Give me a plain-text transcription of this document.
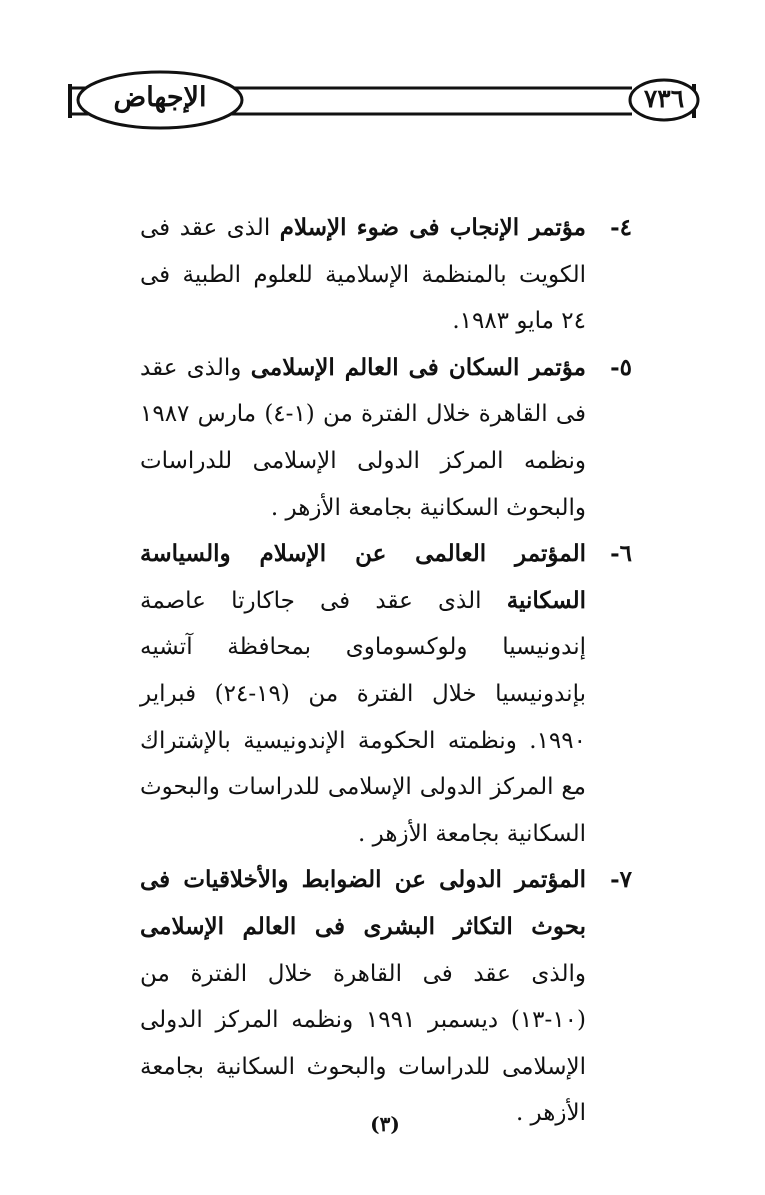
٧٣٦
الإجهاض
٤-
مؤتمر الإنجاب فى ضوء الإسلام الذى عقد فى الكويت بالمنظمة الإسلامية للعلوم الطبية فى ٢٤ مايو ١٩٨٣.
٥-
مؤتمر السكان فى العالم الإسلامى والذى عقد فى القاهرة خلال الفترة من (١-٤) مارس ١٩٨٧ ونظمه المركز الدولى الإسلامى للدراسات والبحوث السكانية بجامعة الأزهر .
٦-
المؤتمر العالمى عن الإسلام والسياسة السكانية الذى عقد فى جاكارتا عاصمة إندونيسيا ولوكسوماوى بمحافظة آتشيه بإندونيسيا خلال الفترة من (١٩-٢٤) فبراير ١٩٩٠. ونظمته الحكومة الإندونيسية بالإشتراك مع المركز الدولى الإسلامى للدراسات والبحوث السكانية بجامعة الأزهر .
٧-
المؤتمر الدولى عن الضوابط والأخلاقيات فى بحوث التكاثر البشرى فى العالم الإسلامى والذى عقد فى القاهرة خلال الفترة من (١٠-١٣) ديسمبر ١٩٩١ ونظمه المركز الدولى الإسلامى للدراسات والبحوث السكانية بجامعة الأزهر .
(٣)
